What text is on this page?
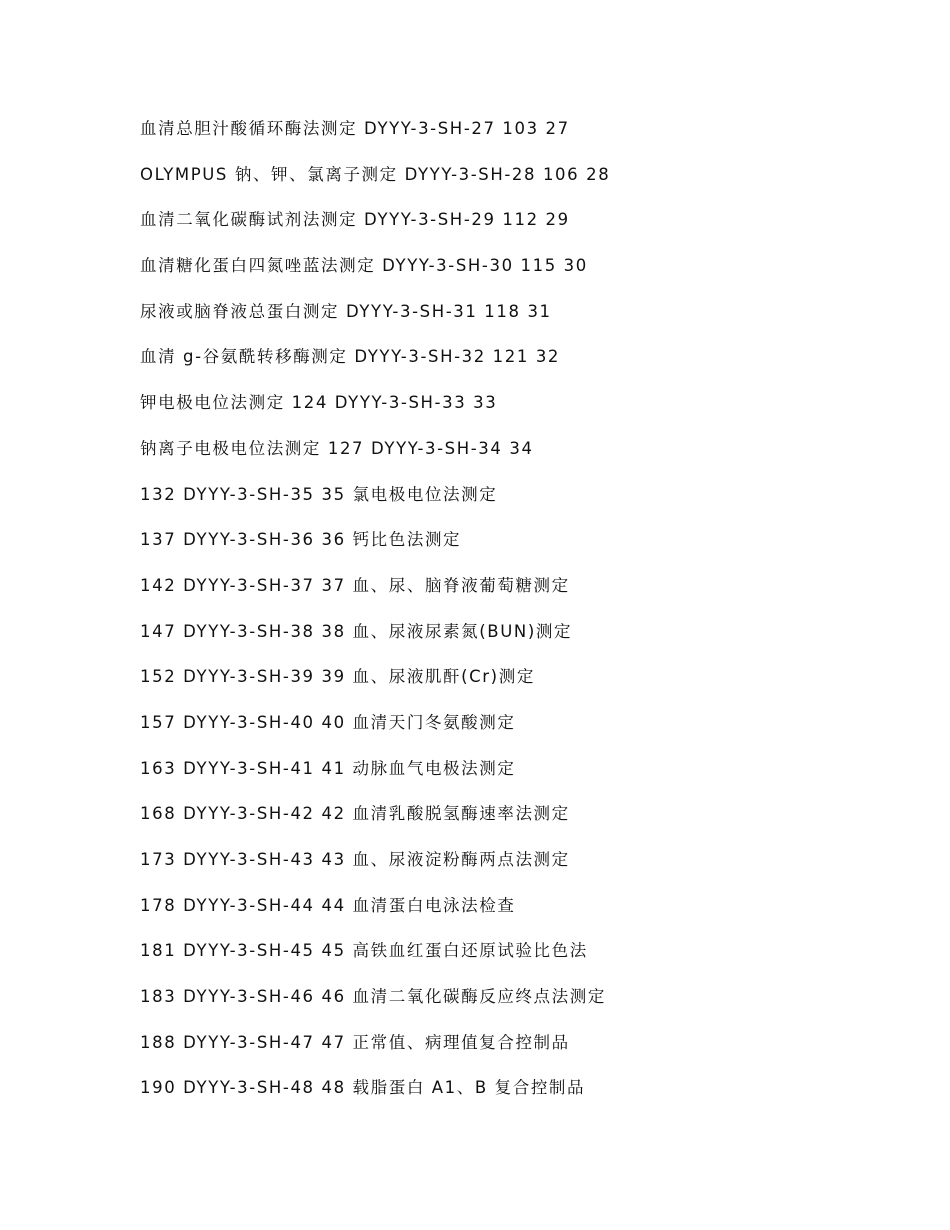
血清总胆汁酸循环酶法测定 DYYY-3-SH-27 103 27
OLYMPUS 钠、钾、氯离子测定 DYYY-3-SH-28 106 28
血清二氧化碳酶试剂法测定 DYYY-3-SH-29 112 29
血清糖化蛋白四氮唑蓝法测定 DYYY-3-SH-30 115 30
尿液或脑脊液总蛋白测定 DYYY-3-SH-31 118 31
血清 g-谷氨酰转移酶测定 DYYY-3-SH-32 121 32
钾电极电位法测定 124 DYYY-3-SH-33 33
钠离子电极电位法测定 127 DYYY-3-SH-34 34
132 DYYY-3-SH-35 35 氯电极电位法测定
137 DYYY-3-SH-36 36 钙比色法测定
142 DYYY-3-SH-37 37 血、尿、脑脊液葡萄糖测定
147 DYYY-3-SH-38 38 血、尿液尿素氮(BUN)测定
152 DYYY-3-SH-39 39 血、尿液肌酐(Cr)测定
157 DYYY-3-SH-40 40 血清天门冬氨酸测定
163 DYYY-3-SH-41 41 动脉血气电极法测定
168 DYYY-3-SH-42 42 血清乳酸脱氢酶速率法测定
173 DYYY-3-SH-43 43 血、尿液淀粉酶两点法测定
178 DYYY-3-SH-44 44 血清蛋白电泳法检查
181 DYYY-3-SH-45 45 高铁血红蛋白还原试验比色法
183 DYYY-3-SH-46 46 血清二氧化碳酶反应终点法测定
188 DYYY-3-SH-47 47 正常值、病理值复合控制品
190 DYYY-3-SH-48 48 载脂蛋白 A1、B 复合控制品
